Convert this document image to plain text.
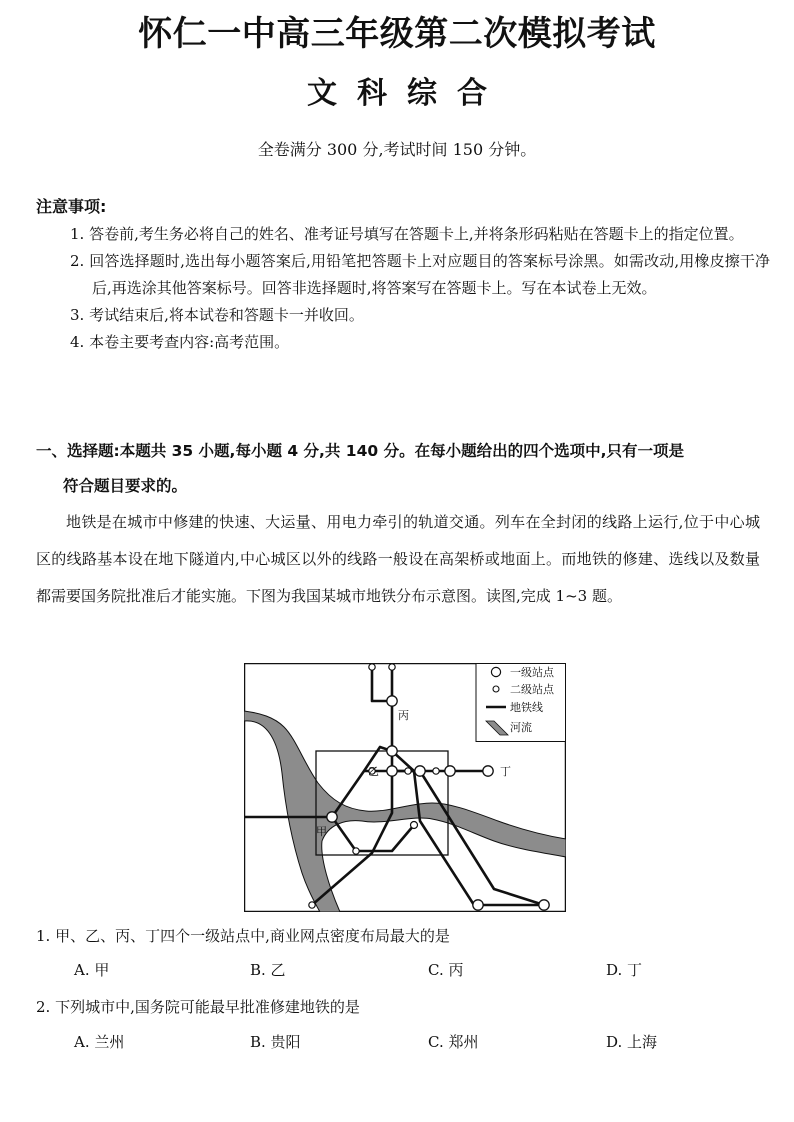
怀仁一中高三年级第二次模拟考试
文科综合
全卷满分 300 分,考试时间 150 分钟。
注意事项:

1. 答卷前,考生务必将自己的姓名、准考证号填写在答题卡上,并将条形码粘贴在答题卡上的指定位置。

2. 回答选择题时,选出每小题答案后,用铅笔把答题卡上对应题目的答案标号涂黑。如需改动,用橡皮擦干净后,再选涂其他答案标号。回答非选择题时,将答案写在答题卡上。写在本试卷上无效。

3. 考试结束后,将本试卷和答题卡一并收回。

4. 本卷主要考查内容:高考范围。

一、选择题:本题共 35 小题,每小题 4 分,共 140 分。在每小题给出的四个选项中,只有一项是
符合题目要求的。

地铁是在城市中修建的快速、大运量、用电力牵引的轨道交通。列车在全封闭的线路上运行,位于中心城区的线路基本设在地下隧道内,中心城区以外的线路一般设在高架桥或地面上。而地铁的修建、选线以及数量都需要国务院批准后才能实施。下图为我国某城市地铁分布示意图。读图,完成 1~3 题。

丙
乙	丁
甲
一级站点
二级站点
地铁线
河流
1. 甲、乙、丙、丁四个一级站点中,商业网点密度布局最大的是
A. 甲	B. 乙	C. 丙	D. 丁
2. 下列城市中,国务院可能最早批准修建地铁的是
A. 兰州	B. 贵阳	C. 郑州	D. 上海
